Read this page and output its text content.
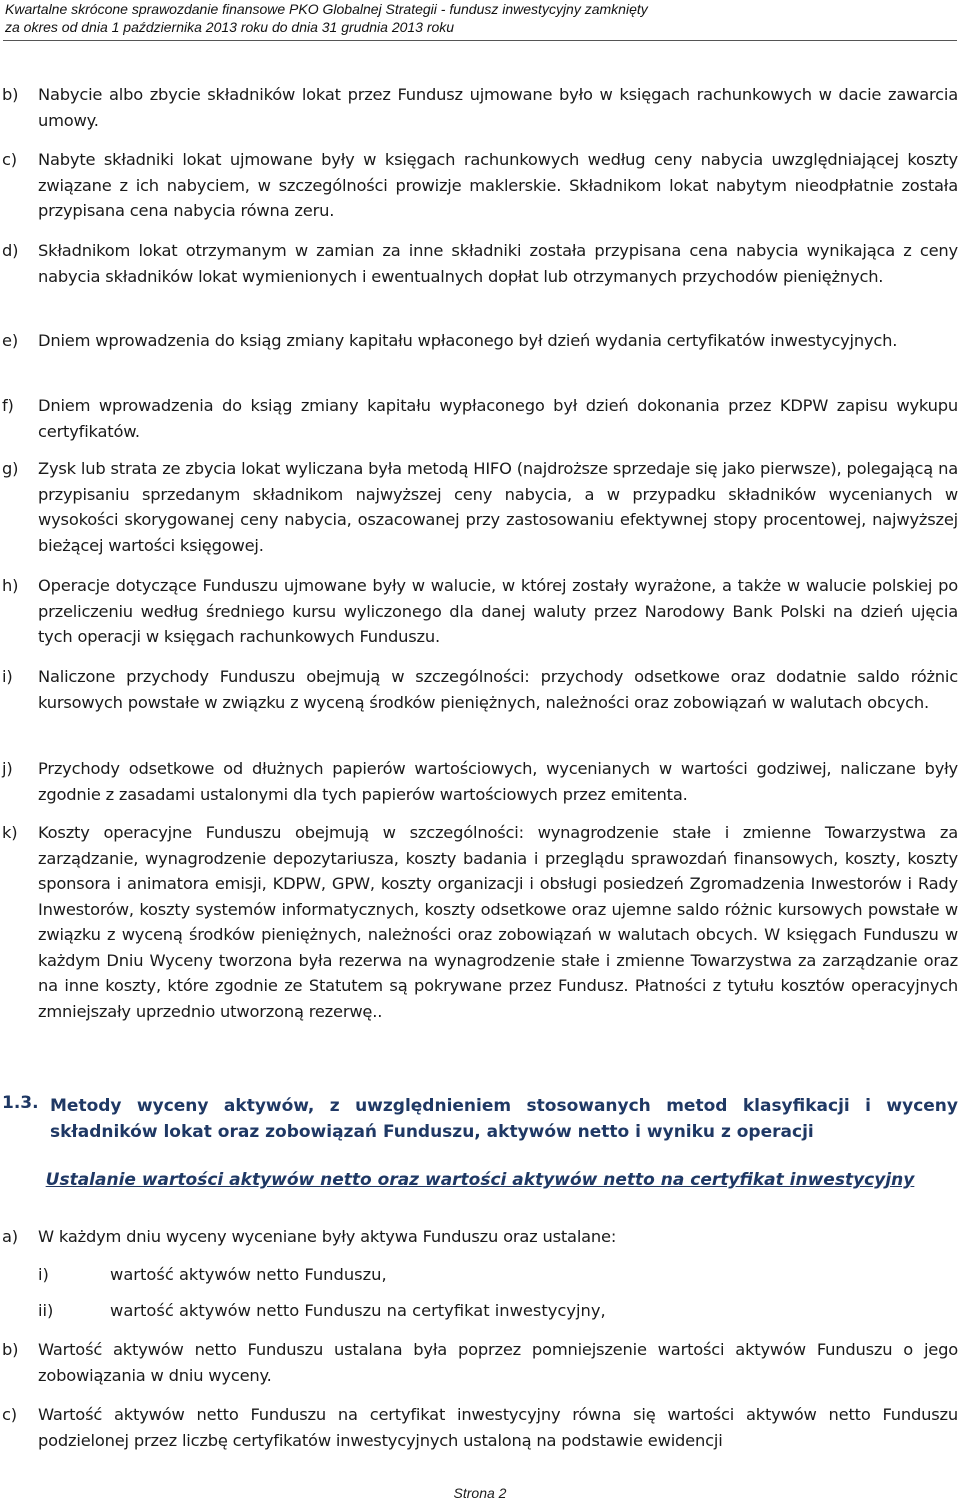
Kwartalne skrócone sprawozdanie finansowe PKO Globalnej Strategii - fundusz inwestycyjny zamknięty
za okres od dnia 1 października 2013 roku do dnia 31 grudnia 2013 roku
b) Nabycie albo zbycie składników lokat przez Fundusz ujmowane było w księgach rachunkowych w dacie zawarcia umowy.
c) Nabyte składniki lokat ujmowane były w księgach rachunkowych według ceny nabycia uwzględniającej koszty związane z ich nabyciem, w szczególności prowizje maklerskie. Składnikom lokat nabytym nieodpłatnie została przypisana cena nabycia równa zeru.
d) Składnikom lokat otrzymanym w zamian za inne składniki została przypisana cena nabycia wynikająca z ceny nabycia składników lokat wymienionych i ewentualnych dopłat lub otrzymanych przychodów pieniężnych.
e) Dniem wprowadzenia do ksiąg zmiany kapitału wpłaconego był dzień wydania certyfikatów inwestycyjnych.
f) Dniem wprowadzenia do ksiąg zmiany kapitału wypłaconego był dzień dokonania przez KDPW zapisu wykupu certyfikatów.
g) Zysk lub strata ze zbycia lokat wyliczana była metodą HIFO (najdroższe sprzedaje się jako pierwsze), polegającą na przypisaniu sprzedanym składnikom najwyższej ceny nabycia, a w przypadku składników wycenianych w wysokości skorygowanej ceny nabycia, oszacowanej przy zastosowaniu efektywnej stopy procentowej, najwyższej bieżącej wartości księgowej.
h) Operacje dotyczące Funduszu ujmowane były w walucie, w której zostały wyrażone, a także w walucie polskiej po przeliczeniu według średniego kursu wyliczonego dla danej waluty przez Narodowy Bank Polski na dzień ujęcia tych operacji w księgach rachunkowych Funduszu.
i) Naliczone przychody Funduszu obejmują w szczególności: przychody odsetkowe oraz dodatnie saldo różnic kursowych powstałe w związku z wyceną środków pieniężnych, należności oraz zobowiązań w walutach obcych.
j) Przychody odsetkowe od dłużnych papierów wartościowych, wycenianych w wartości godziwej, naliczane były zgodnie z zasadami ustalonymi dla tych papierów wartościowych przez emitenta.
k) Koszty operacyjne Funduszu obejmują w szczególności: wynagrodzenie stałe i zmienne Towarzystwa za zarządzanie, wynagrodzenie depozytariusza, koszty badania i przeglądu sprawozdań finansowych, koszty, koszty sponsora i animatora emisji, KDPW, GPW, koszty organizacji i obsługi posiedzeń Zgromadzenia Inwestorów i Rady Inwestorów, koszty systemów informatycznych, koszty odsetkowe oraz ujemne saldo różnic kursowych powstałe w związku z wyceną środków pieniężnych, należności oraz zobowiązań w walutach obcych. W księgach Funduszu w każdym Dniu Wyceny tworzona była rezerwa na wynagrodzenie stałe i zmienne Towarzystwa za zarządzanie oraz na inne koszty, które zgodnie ze Statutem są pokrywane przez Fundusz. Płatności z tytułu kosztów operacyjnych zmniejszały uprzednio utworzoną rezerwę..
1.3. Metody wyceny aktywów, z uwzględnieniem stosowanych metod klasyfikacji i wyceny składników lokat oraz zobowiązań Funduszu, aktywów netto i wyniku z operacji
Ustalanie wartości aktywów netto oraz wartości aktywów netto na certyfikat inwestycyjny
a) W każdym dniu wyceny wyceniane były aktywa Funduszu oraz ustalane:
i)	wartość aktywów netto Funduszu,
ii)	wartość aktywów netto Funduszu na certyfikat inwestycyjny,
b) Wartość aktywów netto Funduszu ustalana była poprzez pomniejszenie wartości aktywów Funduszu o jego zobowiązania w dniu wyceny.
c) Wartość aktywów netto Funduszu na certyfikat inwestycyjny równa się wartości aktywów netto Funduszu podzielonej przez liczbę certyfikatów inwestycyjnych ustaloną na podstawie ewidencji
Strona 2
